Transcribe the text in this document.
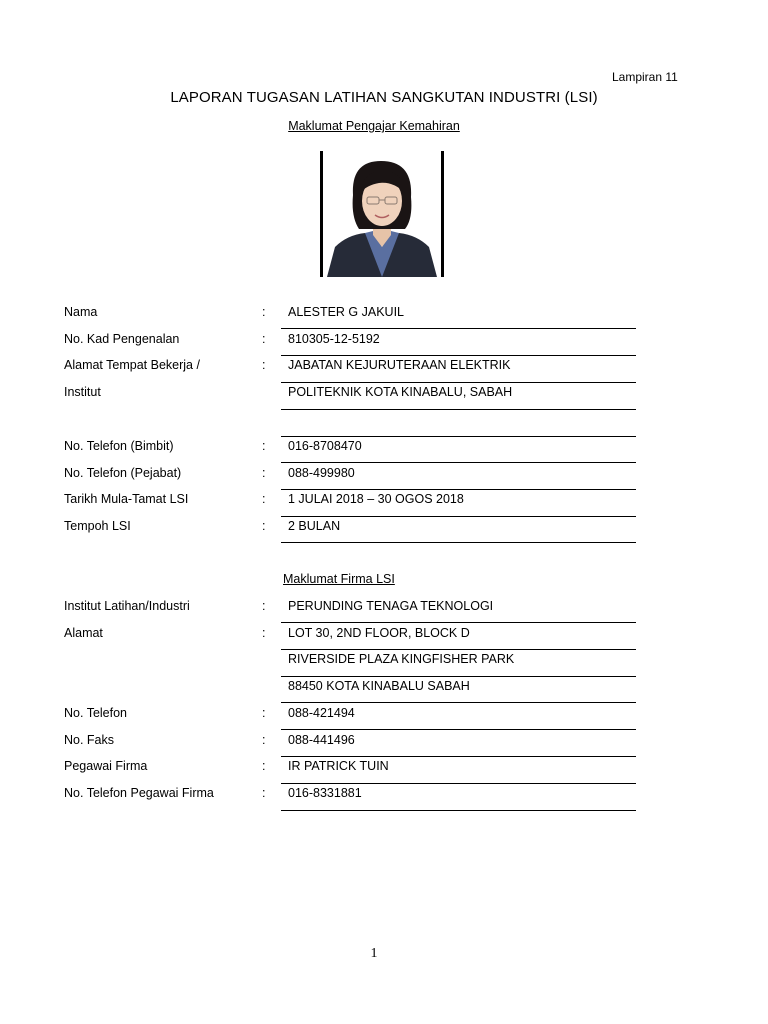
Lampiran 11
LAPORAN TUGASAN LATIHAN SANGKUTAN INDUSTRI (LSI)
Maklumat Pengajar Kemahiran
Nama	: ALESTER G JAKUIL
No. Kad Pengenalan	: 810305-12-5192
Alamat Tempat Bekerja /	: JABATAN KEJURUTERAAN ELEKTRIK
Institut	POLITEKNIK KOTA KINABALU, SABAH
No. Telefon (Bimbit)	: 016-8708470
No. Telefon (Pejabat)	: 088-499980
Tarikh Mula-Tamat LSI	: 1 JULAI 2018 – 30 OGOS 2018
Tempoh LSI	: 2 BULAN
Maklumat Firma LSI
Institut Latihan/Industri	: PERUNDING TENAGA TEKNOLOGI
Alamat	: LOT 30, 2ND FLOOR, BLOCK D
RIVERSIDE PLAZA KINGFISHER PARK
88450 KOTA KINABALU SABAH
No. Telefon	: 088-421494
No. Faks	: 088-441496
Pegawai Firma	: IR PATRICK TUIN
No. Telefon Pegawai Firma	: 016-8331881
1
